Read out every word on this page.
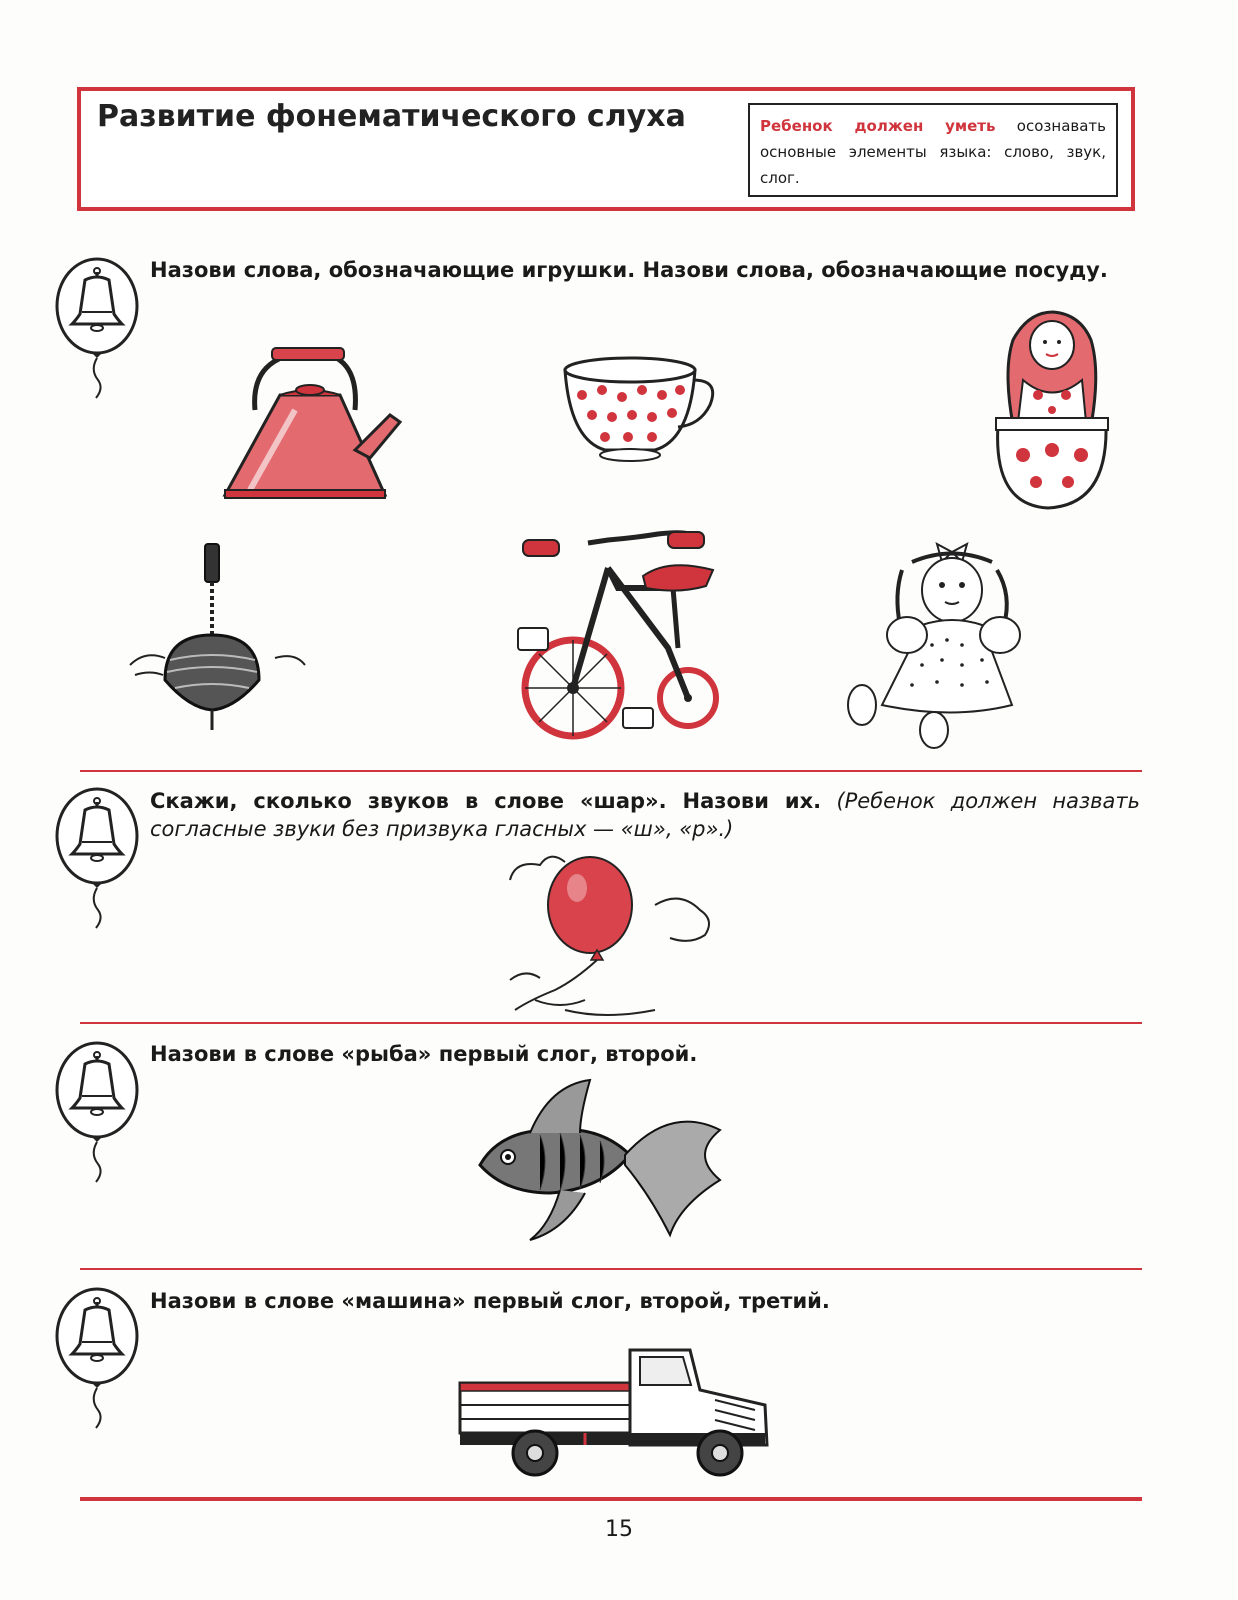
Развитие фонематического слуха	Ребенок должен уметь осознавать основные элементы языка: слово, звук, слог.

Назови слова, обозначающие игрушки. Назови слова, обозначающие посуду.

Скажи, сколько звуков в слове «шар». Назови их. (Ребенок должен назвать согласные звуки без призвука гласных — «ш», «р».)

Назови в слове «рыба» первый слог, второй.

Назови в слове «машина» первый слог, второй, третий.

15
